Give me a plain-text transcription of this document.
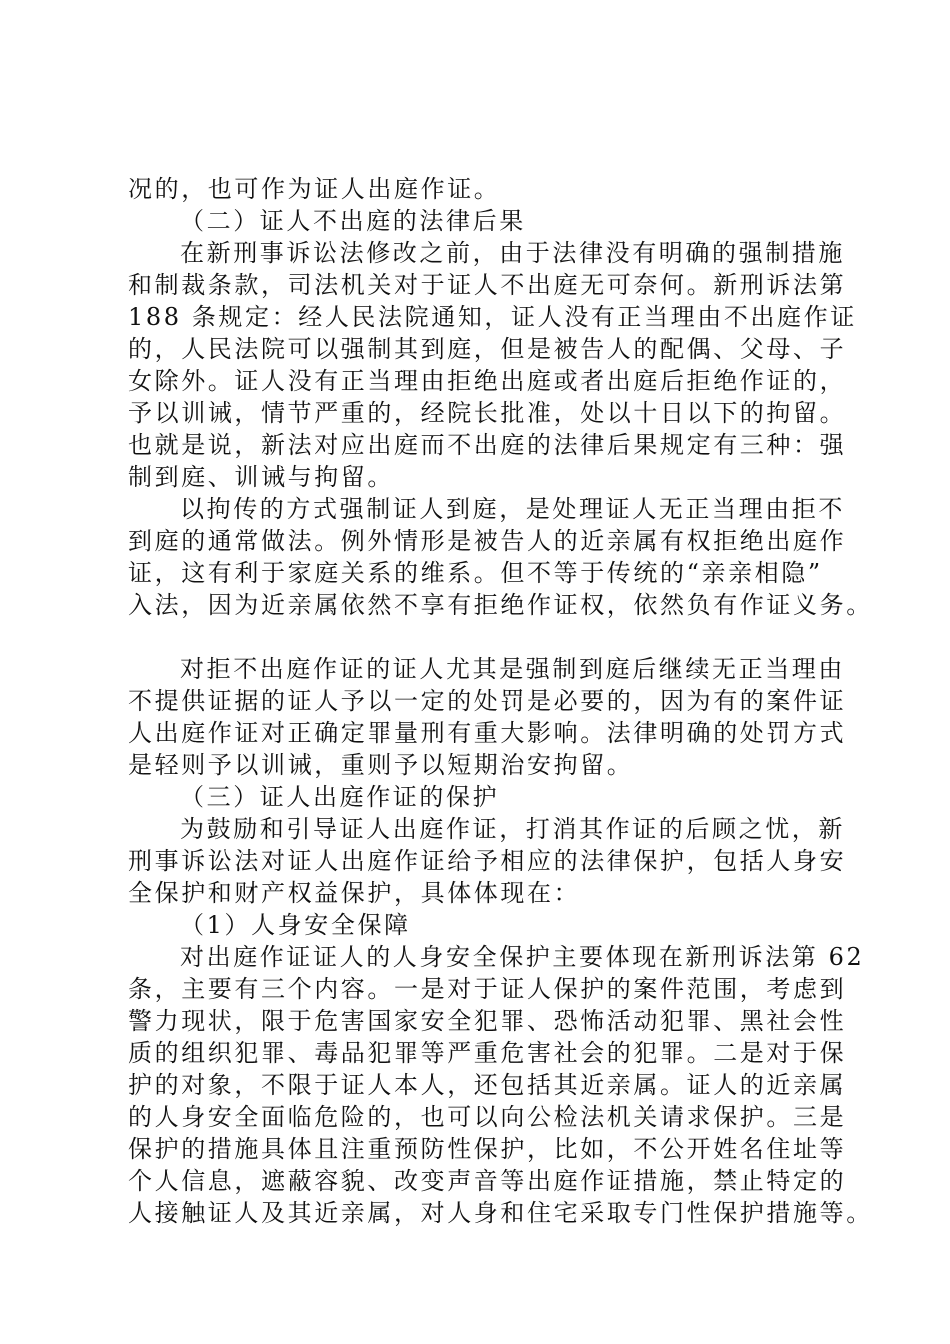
况的，也可作为证人出庭作证。
（二）证人不出庭的法律后果
在新刑事诉讼法修改之前，由于法律没有明确的强制措施
和制裁条款，司法机关对于证人不出庭无可奈何。新刑诉法第
188 条规定：经人民法院通知，证人没有正当理由不出庭作证
的，人民法院可以强制其到庭，但是被告人的配偶、父母、子
女除外。证人没有正当理由拒绝出庭或者出庭后拒绝作证的，
予以训诫，情节严重的，经院长批准，处以十日以下的拘留。
也就是说，新法对应出庭而不出庭的法律后果规定有三种：强
制到庭、训诫与拘留。
以拘传的方式强制证人到庭，是处理证人无正当理由拒不
到庭的通常做法。例外情形是被告人的近亲属有权拒绝出庭作
证，这有利于家庭关系的维系。但不等于传统的“亲亲相隐”
入法，因为近亲属依然不享有拒绝作证权，依然负有作证义务。
对拒不出庭作证的证人尤其是强制到庭后继续无正当理由
不提供证据的证人予以一定的处罚是必要的，因为有的案件证
人出庭作证对正确定罪量刑有重大影响。法律明确的处罚方式
是轻则予以训诫，重则予以短期治安拘留。
（三）证人出庭作证的保护
为鼓励和引导证人出庭作证，打消其作证的后顾之忧，新
刑事诉讼法对证人出庭作证给予相应的法律保护，包括人身安
全保护和财产权益保护，具体体现在：
（1）人身安全保障
对出庭作证证人的人身安全保护主要体现在新刑诉法第 62
条，主要有三个内容。一是对于证人保护的案件范围，考虑到
警力现状，限于危害国家安全犯罪、恐怖活动犯罪、黑社会性
质的组织犯罪、毒品犯罪等严重危害社会的犯罪。二是对于保
护的对象，不限于证人本人，还包括其近亲属。证人的近亲属
的人身安全面临危险的，也可以向公检法机关请求保护。三是
保护的措施具体且注重预防性保护，比如，不公开姓名住址等
个人信息，遮蔽容貌、改变声音等出庭作证措施，禁止特定的
人接触证人及其近亲属，对人身和住宅采取专门性保护措施等。
